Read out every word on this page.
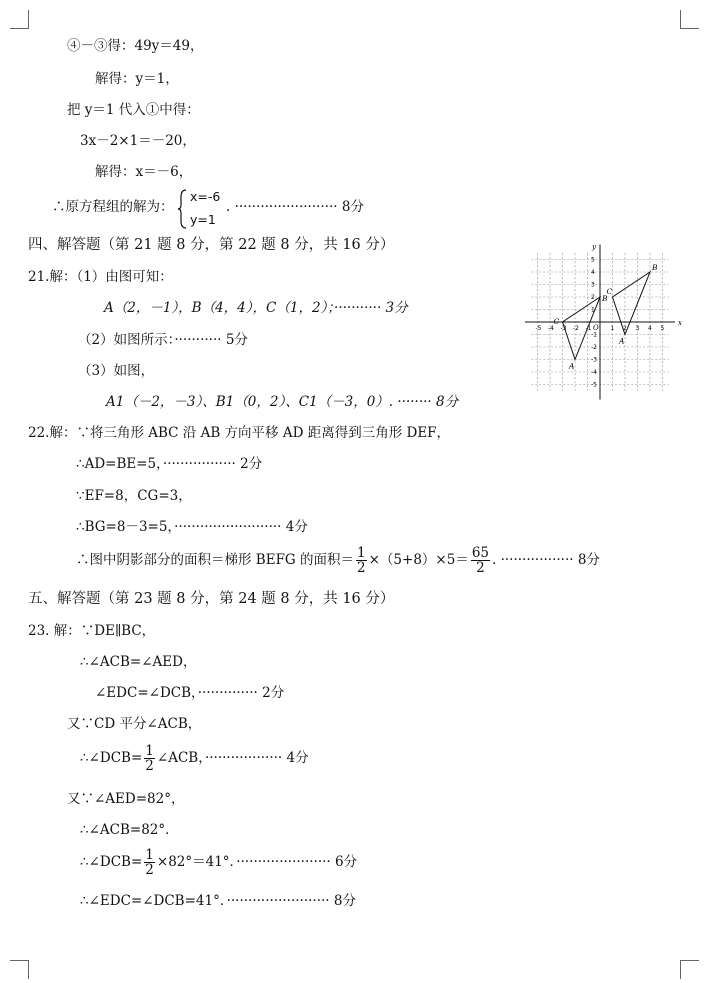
④－③得：49y＝49，
解得：y＝1，
把 y＝1 代入①中得：
3x－2×1＝－20，
解得：x＝－6，
∴原方程组的解为：
x=-6
y=1
. ························ 8分
四、解答题（第 21 题 8 分，第 22 题 8 分，共 16 分）
21.解：（1）由图可知：
A（2，－1），B（4，4），C（1，2）；··········· 3分
（2）如图所示：··········· 5分
（3）如图，
A1（－2，－3）、B1（0，2）、C1（－3，0）. ········ 8分
x
y
-5 -4 -3 -2 -1	1 2 3 4 5
5
4
3
2
1
-1
-2
-3
-4
-5
O
A
B
C
A
B
C
22.解：∵将三角形 ABC 沿 AB 方向平移 AD 距离得到三角形 DEF，
∴AD=BE=5，················· 2分
∵EF=8，CG=3，
∴BG=8－3=5，························· 4分
∴图中阴影部分的面积＝梯形 BEFG 的面积＝ $\frac{1}{2} \times(5+8)\times 5= \frac{65}{2}$ . ················· 8分
五、解答题（第 23 题 8 分，第 24 题 8 分，共 16 分）
23. 解：∵DE∥BC，
∴∠ACB=∠AED，
∠EDC=∠DCB，·············· 2分
又∵CD 平分∠ACB，
∴∠DCB= $\frac{1}{2}$ ∠ACB，·················· 4分
又∵∠AED=82°，
∴∠ACB=82°．
∴∠DCB= $\frac{1}{2} \times 82^\circ=41^\circ$．······················ 6分
∴∠EDC=∠DCB=41°．························ 8分
